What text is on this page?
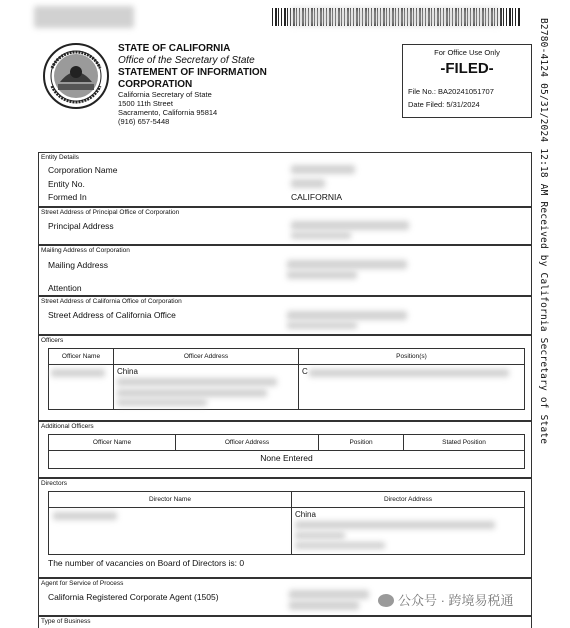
STATE OF CALIFORNIA
Office of the Secretary of State
STATEMENT OF INFORMATION
CORPORATION
California Secretary of State
1500 11th Street
Sacramento, California 95814
(916) 657-5448
For Office Use Only
-FILED-
File No.: BA20241051707
Date Filed: 5/31/2024	B2780-4124 05/31/2024 12:18 AM Received by California Secretary of State
Entity Details
Corporation Name
Entity No.
Formed In	CALIFORNIA
Street Address of Principal Office of Corporation
Principal Address
Mailing Address of Corporation
Mailing Address
Attention
Street Address of California Office of Corporation
Street Address of California Office
Officers
Officer Name	Officer Address	Position(s)

	China	C
Additional Officers
Officer Name	Officer Address	Position	Stated Position
None Entered
Directors
Director Name	Director Address

	China
The number of vacancies on Board of Directors is: 0
Agent for Service of Process
California Registered Corporate Agent (1505)
Type of Business
公众号 · 跨境易税通
